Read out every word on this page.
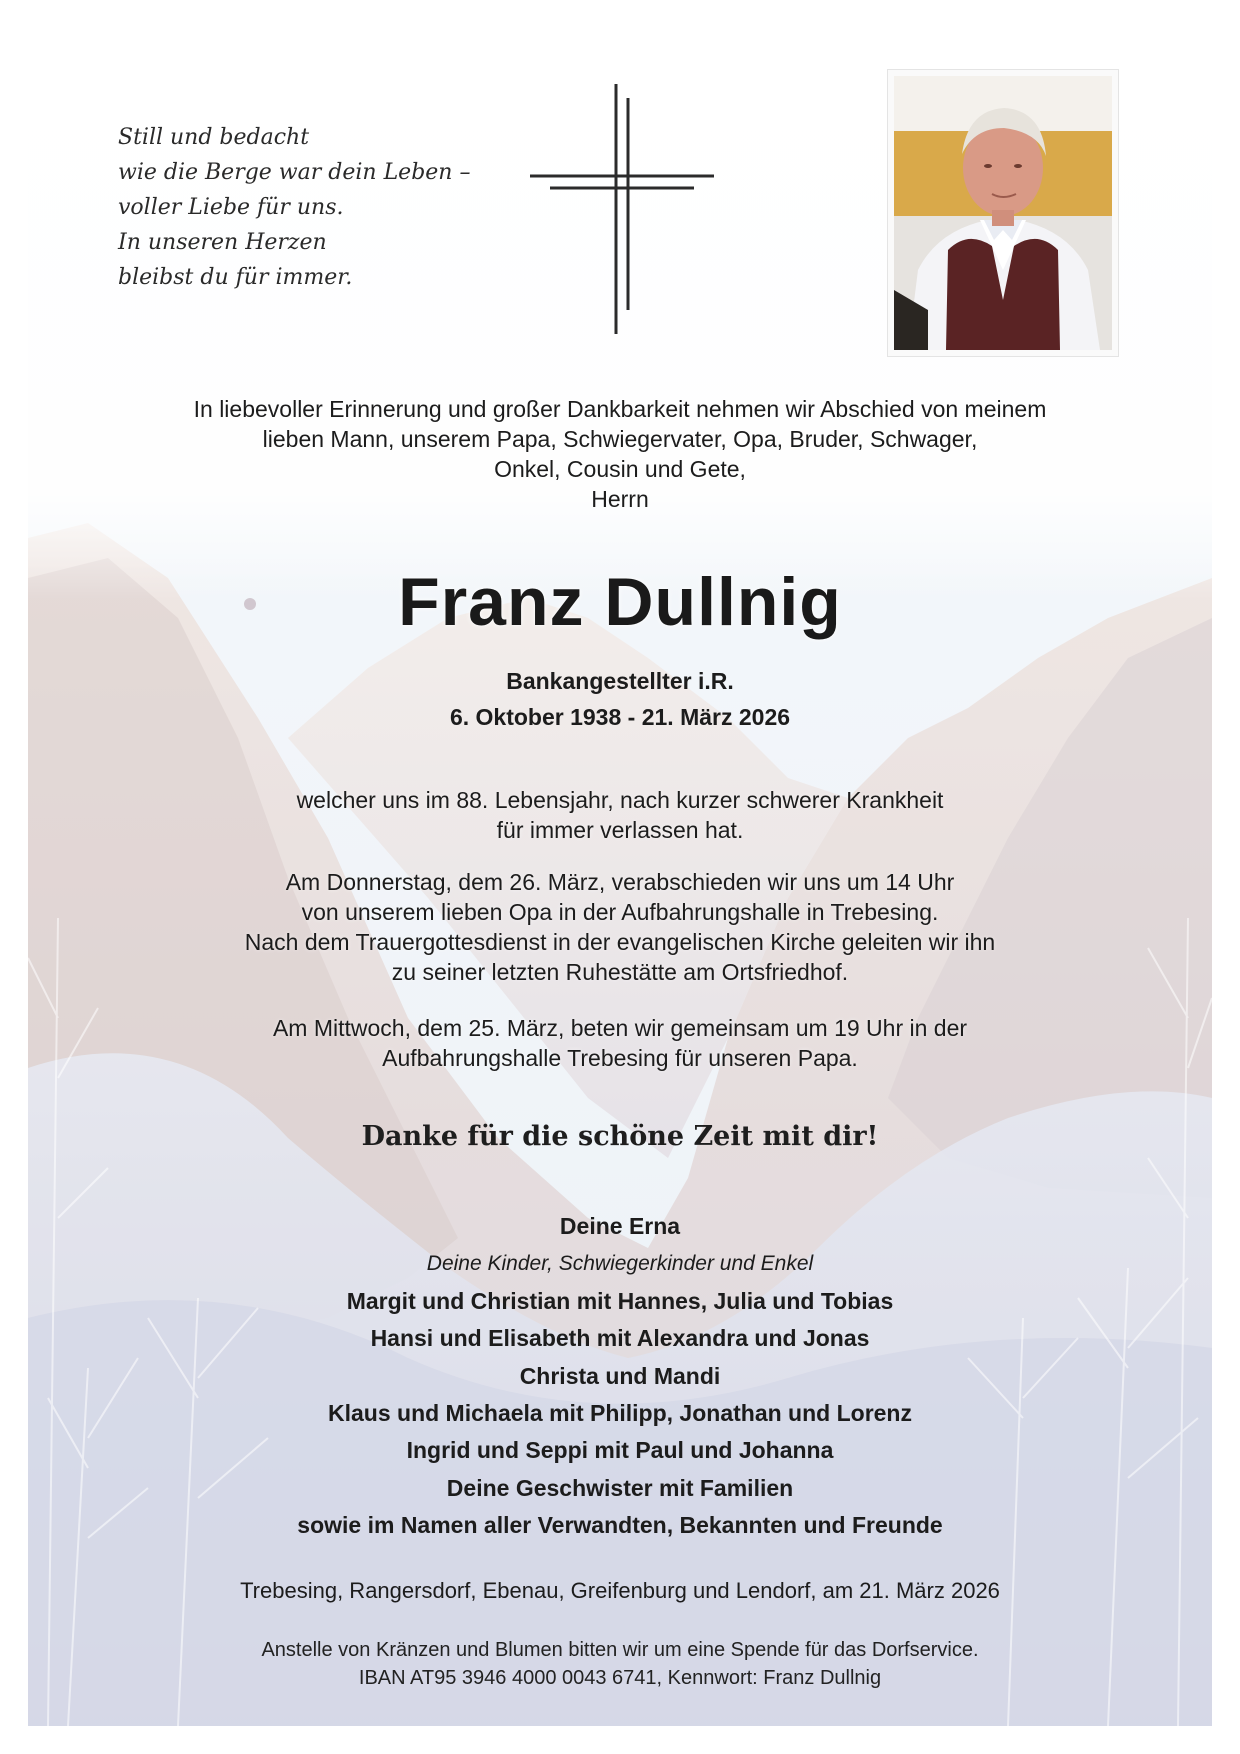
Still und bedacht
wie die Berge war dein Leben –
voller Liebe für uns.
In unseren Herzen
bleibst du für immer.
In liebevoller Erinnerung und großer Dankbarkeit nehmen wir Abschied von meinem
lieben Mann, unserem Papa, Schwiegervater, Opa, Bruder, Schwager,
Onkel, Cousin und Gete,
Herrn
Franz Dullnig
Bankangestellter i.R.
6. Oktober 1938 - 21. März 2026
welcher uns im 88. Lebensjahr, nach kurzer schwerer Krankheit
für immer verlassen hat.
Am Donnerstag, dem 26. März, verabschieden wir uns um 14 Uhr
von unserem lieben Opa in der Aufbahrungshalle in Trebesing.
Nach dem Trauergottesdienst in der evangelischen Kirche geleiten wir ihn
zu seiner letzten Ruhestätte am Ortsfriedhof.
Am Mittwoch, dem 25. März, beten wir gemeinsam um 19 Uhr in der
Aufbahrungshalle Trebesing für unseren Papa.
Danke für die schöne Zeit mit dir!
Deine Erna
Deine Kinder, Schwiegerkinder und Enkel
Margit und Christian mit Hannes, Julia und Tobias
Hansi und Elisabeth mit Alexandra und Jonas
Christa und Mandi
Klaus und Michaela mit Philipp, Jonathan und Lorenz
Ingrid und Seppi mit Paul und Johanna
Deine Geschwister mit Familien
sowie im Namen aller Verwandten, Bekannten und Freunde
Trebesing, Rangersdorf, Ebenau, Greifenburg und Lendorf, am 21. März 2026
Anstelle von Kränzen und Blumen bitten wir um eine Spende für das Dorfservice.
IBAN AT95 3946 4000 0043 6741, Kennwort: Franz Dullnig
